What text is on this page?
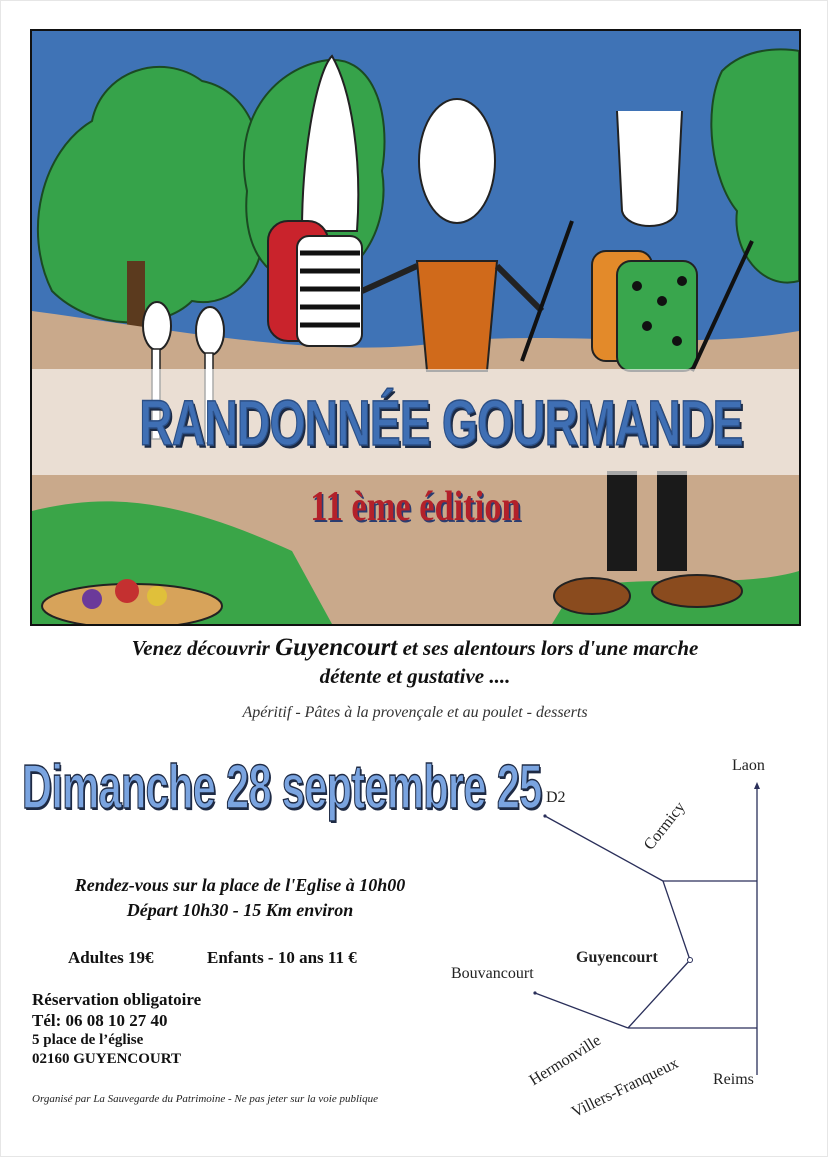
RANDONNÉE GOURMANDE
11 ème édition
Venez découvrir Guyencourt et ses alentours lors d'une marche
détente et gustative ....
Apéritif - Pâtes à la provençale et au poulet - desserts
Dimanche 28 septembre 25
Rendez-vous sur la place de l'Eglise à 10h00
Départ 10h30 - 15 Km environ
Adultes 19€	Enfants - 10 ans 11 €
Réservation obligatoire
Tél: 06 08 10 27 40
5 place de l’église
02160 GUYENCOURT
Organisé par La Sauvegarde du Patrimoine - Ne pas jeter sur la voie publique
Laon
D2
Cormicy
Guyencourt
Bouvancourt
Hermonville
Villers-Franqueux Reims
